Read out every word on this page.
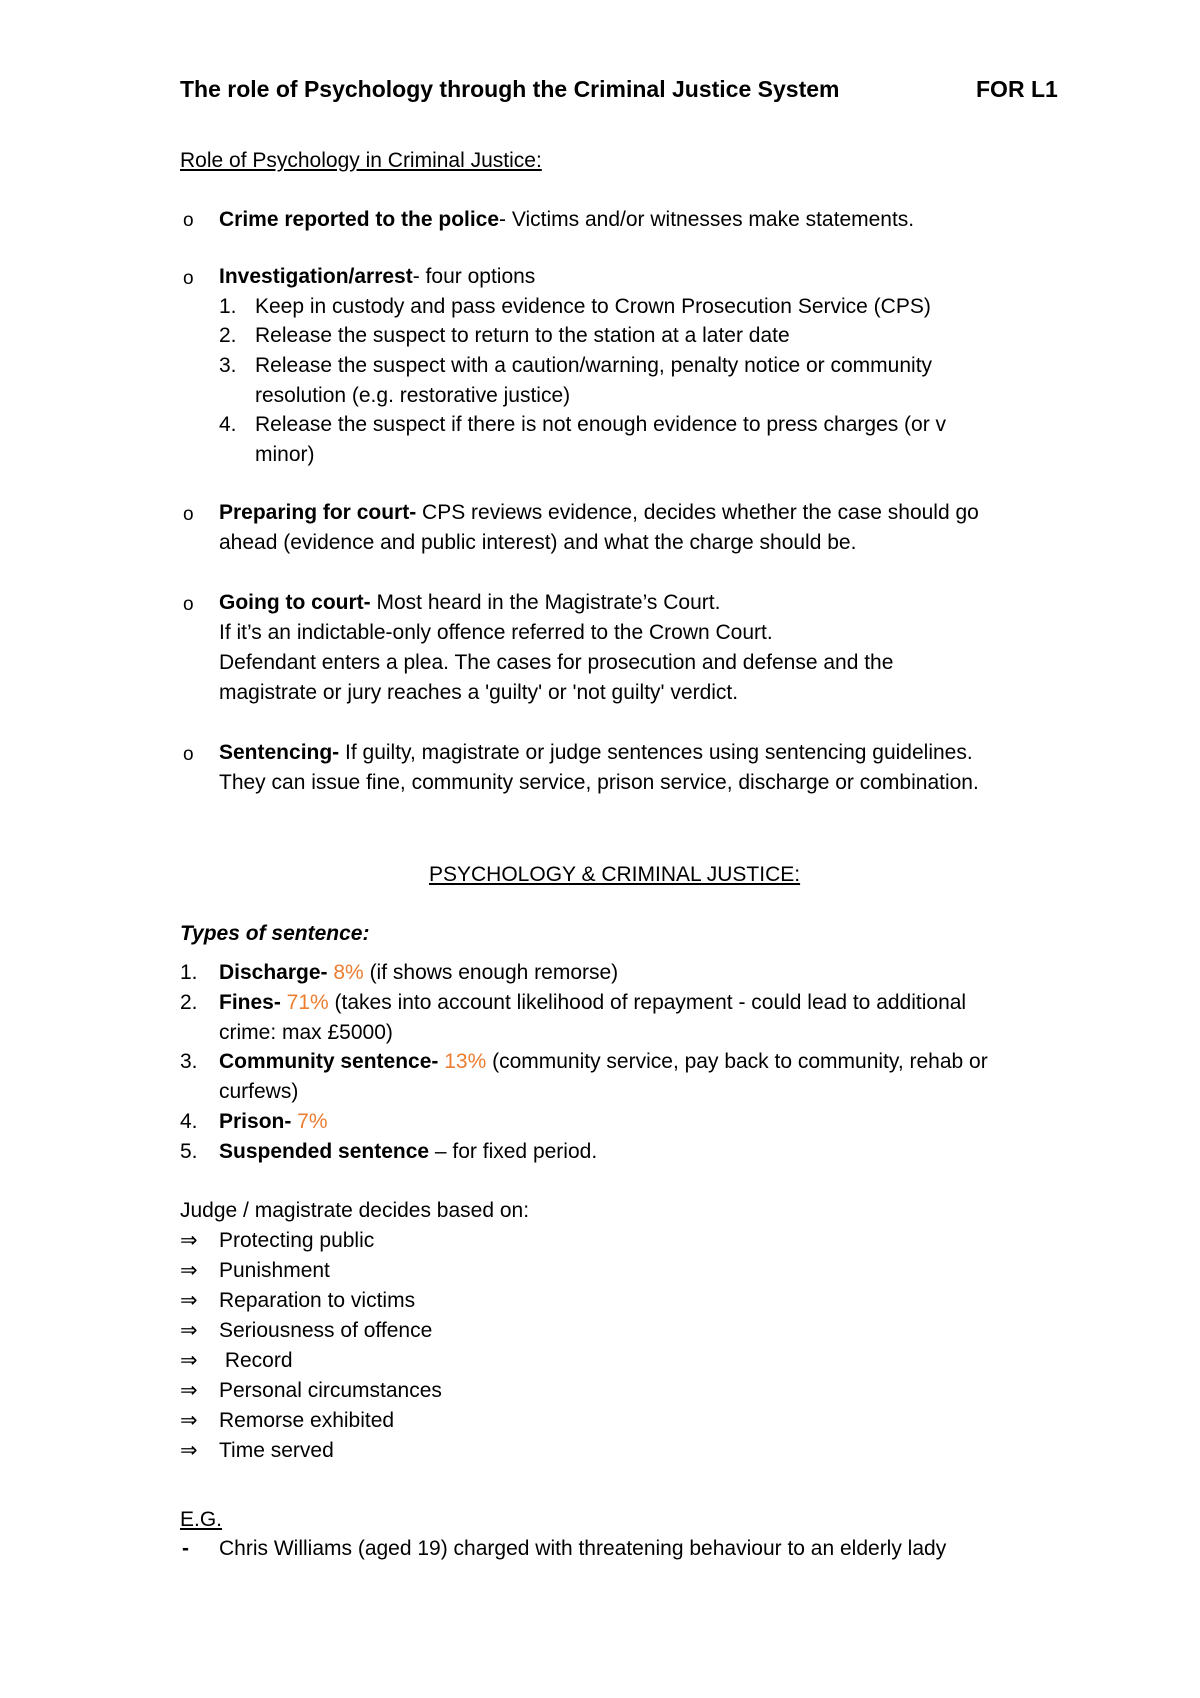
The role of Psychology through the Criminal Justice System	FOR L1
Role of Psychology in Criminal Justice:
o Crime reported to the police- Victims and/or witnesses make statements.
o Investigation/arrest- four options
1. Keep in custody and pass evidence to Crown Prosecution Service (CPS)
2. Release the suspect to return to the station at a later date
3. Release the suspect with a caution/warning, penalty notice or community
resolution (e.g. restorative justice)
4. Release the suspect if there is not enough evidence to press charges (or v
minor)
o Preparing for court- CPS reviews evidence, decides whether the case should go
ahead (evidence and public interest) and what the charge should be.
o Going to court- Most heard in the Magistrate’s Court.
If it’s an indictable-only offence referred to the Crown Court.
Defendant enters a plea. The cases for prosecution and defense and the
magistrate or jury reaches a 'guilty' or 'not guilty' verdict.
o Sentencing- If guilty, magistrate or judge sentences using sentencing guidelines.
They can issue fine, community service, prison service, discharge or combination.
PSYCHOLOGY & CRIMINAL JUSTICE:
Types of sentence:
1. Discharge- 8% (if shows enough remorse)
2. Fines- 71% (takes into account likelihood of repayment - could lead to additional
crime: max £5000)
3. Community sentence- 13% (community service, pay back to community, rehab or
curfews)
4. Prison- 7%
5. Suspended sentence – for fixed period.
Judge / magistrate decides based on:
⇒
⇒
⇒
⇒
⇒
⇒
⇒
⇒
Protecting public
Punishment
Reparation to victims
Seriousness of offence
Record
Personal circumstances
Remorse exhibited
Time served
E.G.
- Chris Williams (aged 19) charged with threatening behaviour to an elderly lady
